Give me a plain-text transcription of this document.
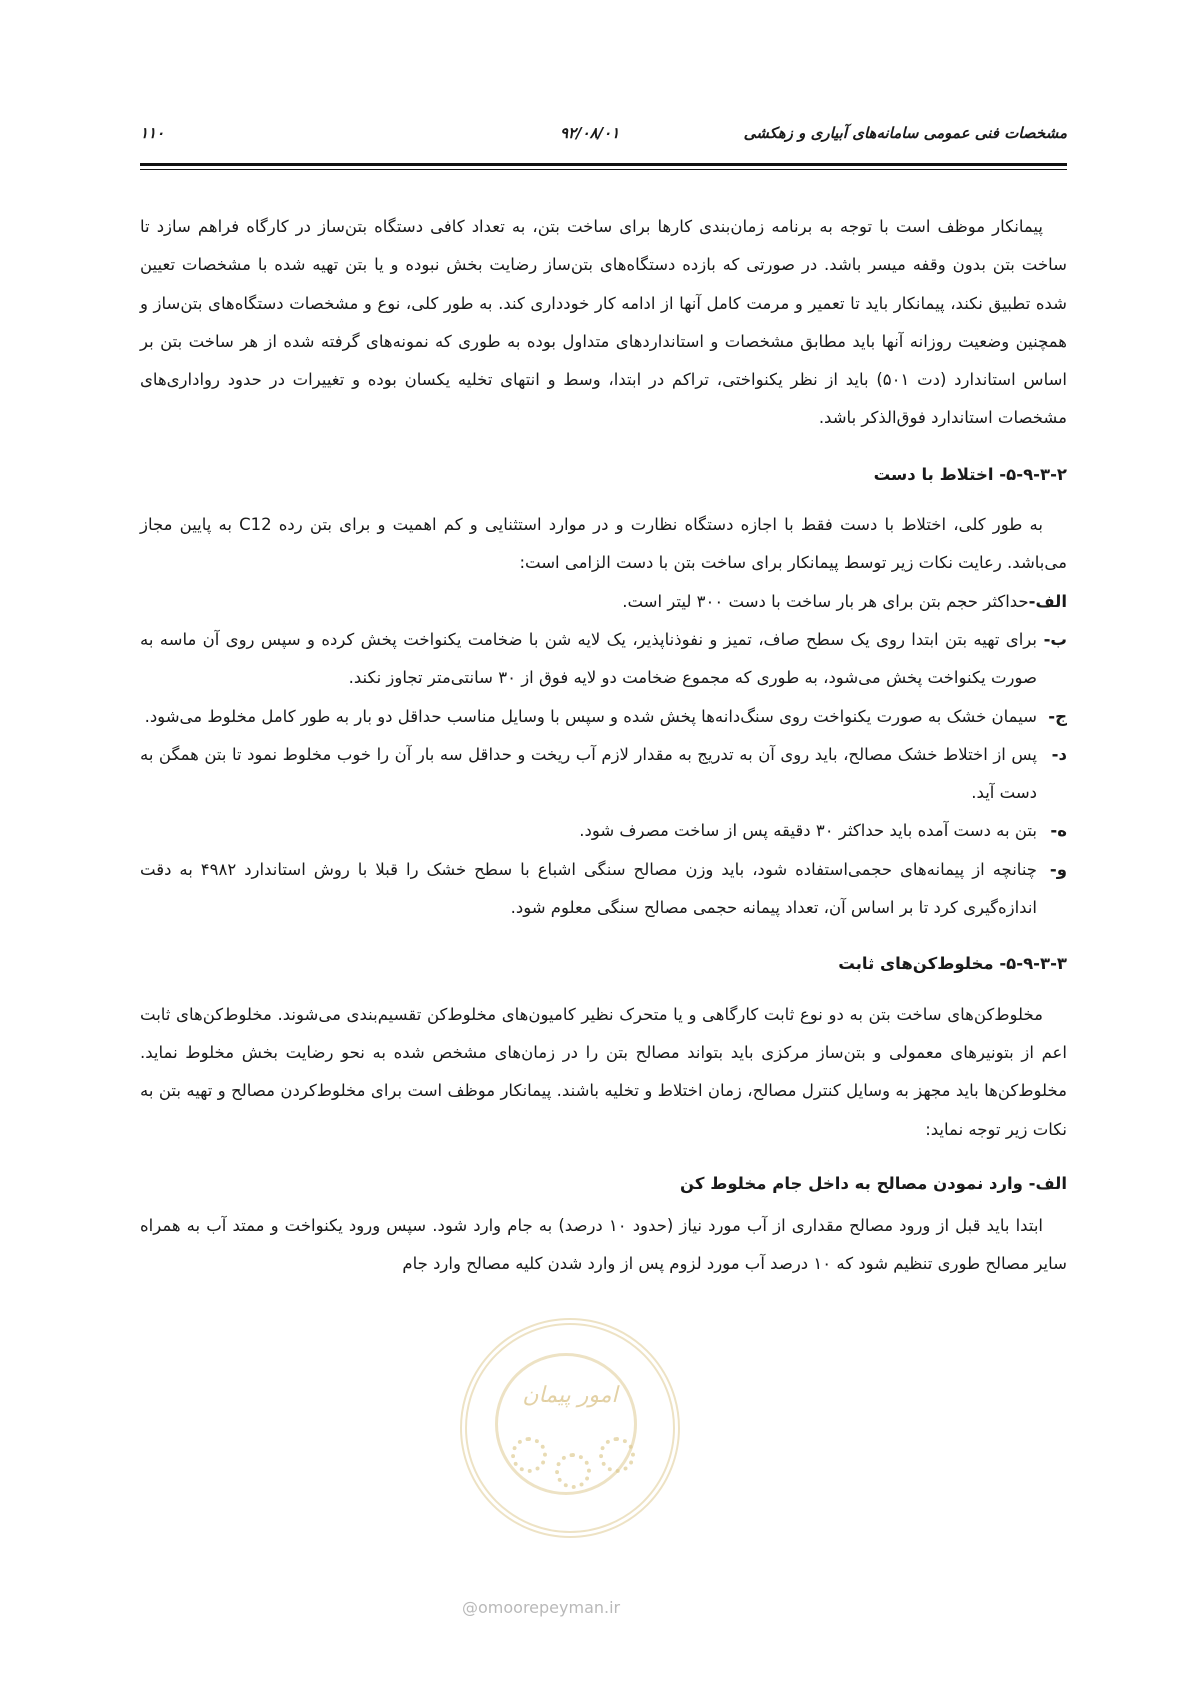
مشخصات فنی عمومی سامانه‌های آبیاری و زهکشی
۹۲/۰۸/۰۱
۱۱۰

پیمانکار موظف است با توجه به برنامه زمان‌بندی کارها برای ساخت بتن، به تعداد کافی دستگاه بتن‌ساز در کارگاه فراهم سازد تا ساخت بتن بدون وقفه میسر باشد. در صورتی که بازده دستگاه‌های بتن‌ساز رضایت بخش نبوده و یا بتن تهیه شده با مشخصات تعیین شده تطبیق نکند، پیمانکار باید تا تعمیر و مرمت کامل آنها از ادامه کار خودداری کند. به طور کلی، نوع و مشخصات دستگاه‌های بتن‌ساز و همچنین وضعیت روزانه آنها باید مطابق مشخصات و استانداردهای متداول بوده به طوری که نمونه‌های گرفته شده از هر ساخت بتن بر اساس استاندارد (دت ۵۰۱) باید از نظر یکنواختی، تراکم در ابتدا، وسط و انتهای تخلیه یکسان بوده و تغییرات در حدود رواداری‌های مشخصات استاندارد فوق‌الذکر باشد.

۵-۹-۳-۲- اختلاط با دست

به طور کلی، اختلاط با دست فقط با اجازه دستگاه نظارت و در موارد استثنایی و کم اهمیت و برای بتن رده C12 به پایین مجاز می‌باشد. رعایت نکات زیر توسط پیمانکار برای ساخت بتن با دست الزامی است:

الف-
حداکثر حجم بتن برای هر بار ساخت با دست ۳۰۰ لیتر است.
ب-
برای تهیه بتن ابتدا روی یک سطح صاف، تمیز و نفوذناپذیر، یک لایه شن با ضخامت یکنواخت پخش کرده و سپس روی آن ماسه به صورت یکنواخت پخش می‌شود، به طوری که مجموع ضخامت دو لایه فوق از ۳۰ سانتی‌متر تجاوز نکند.
ج-
سیمان خشک به صورت یکنواخت روی سنگ‌دانه‌ها پخش شده و سپس با وسایل مناسب حداقل دو بار به طور کامل مخلوط می‌شود.
د-
پس از اختلاط خشک مصالح، باید روی آن به تدریج به مقدار لازم آب ریخت و حداقل سه بار آن را خوب مخلوط نمود تا بتن همگن به دست آید.
ه-
بتن به دست آمده باید حداکثر ۳۰ دقیقه پس از ساخت مصرف شود.
و-
چنانچه از پیمانه‌های حجمی‌استفاده شود، باید وزن مصالح سنگی اشباع با سطح خشک را قبلا با روش استاندارد ۴۹۸۲ به دقت اندازه‌گیری کرد تا بر اساس آن، تعداد پیمانه حجمی مصالح سنگی معلوم شود.
۵-۹-۳-۳- مخلوط‌کن‌های ثابت

مخلوط‌کن‌های ساخت بتن به دو نوع ثابت کارگاهی و یا متحرک نظیر کامیون‌های مخلوط‌کن تقسیم‌بندی می‌شوند. مخلوط‌کن‌های ثابت اعم از بتونیرهای معمولی و بتن‌ساز مرکزی باید بتواند مصالح بتن را در زمان‌های مشخص شده به نحو رضایت بخش مخلوط نماید. مخلوط‌کن‌ها باید مجهز به وسایل کنترل مصالح، زمان اختلاط و تخلیه باشند. پیمانکار موظف است برای مخلوط‌کردن مصالح و تهیه بتن به نکات زیر توجه نماید:

الف- وارد نمودن مصالح به داخل جام مخلوط کن

ابتدا باید قبل از ورود مصالح مقداری از آب مورد نیاز (حدود ۱۰ درصد) به جام وارد شود. سپس ورود یکنواخت و ممتد آب به همراه سایر مصالح طوری تنظیم شود که ۱۰ درصد آب مورد لزوم پس از وارد شدن کلیه مصالح وارد جام

امور پیمان
@omoorepeyman.ir
